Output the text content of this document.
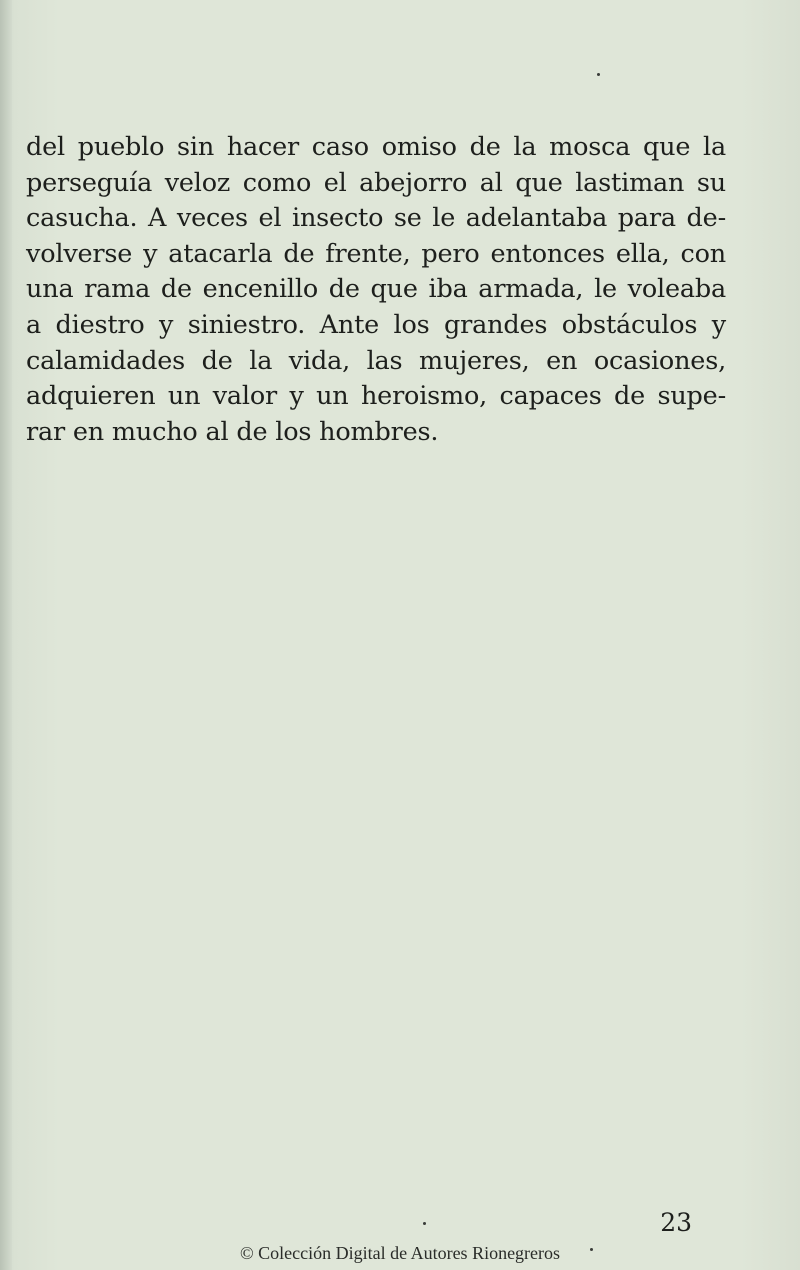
del pueblo sin hacer caso omiso de la mosca que la
perseguía veloz como el abejorro al que lastiman su
casucha. A veces el insecto se le adelantaba para de-
volverse y atacarla de frente, pero entonces ella, con
una rama de encenillo de que iba armada, le voleaba
a diestro y siniestro. Ante los grandes obstáculos y
calamidades de la vida, las mujeres, en ocasiones,
adquieren un valor y un heroismo, capaces de supe-
rar en mucho al de los hombres.

23

© Colección Digital de Autores Rionegreros
